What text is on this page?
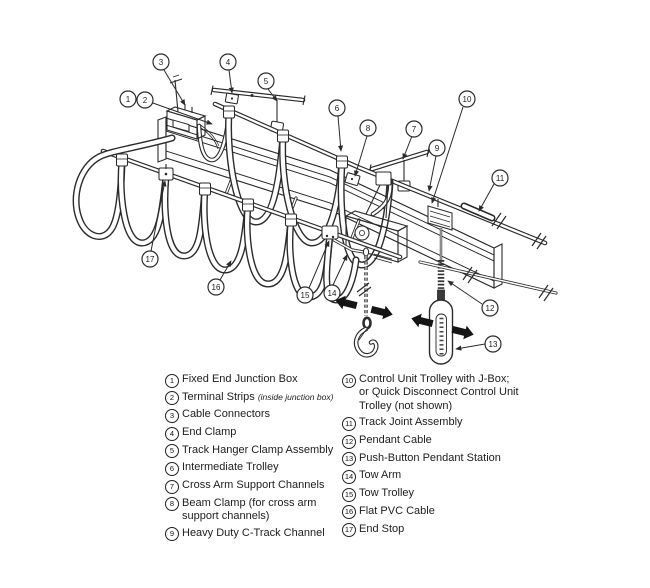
1 2
3	4
5
6
7
8
9
10
11
12
13
14
15
16
17
1 Fixed End Junction Box
2 Terminal Strips (inside junction box)
3 Cable Connectors
4 End Clamp
5 Track Hanger Clamp Assembly
6 Intermediate Trolley
7 Cross Arm Support Channels
8 Beam Clamp (for cross arm
support channels)
9 Heavy Duty C-Track Channel
10 Control Unit Trolley with J-Box;
or Quick Disconnect Control Unit
Trolley (not shown)
11 Track Joint Assembly
12 Pendant Cable
13 Push-Button Pendant Station
14 Tow Arm
15 Tow Trolley
16 Flat PVC Cable
17 End Stop
